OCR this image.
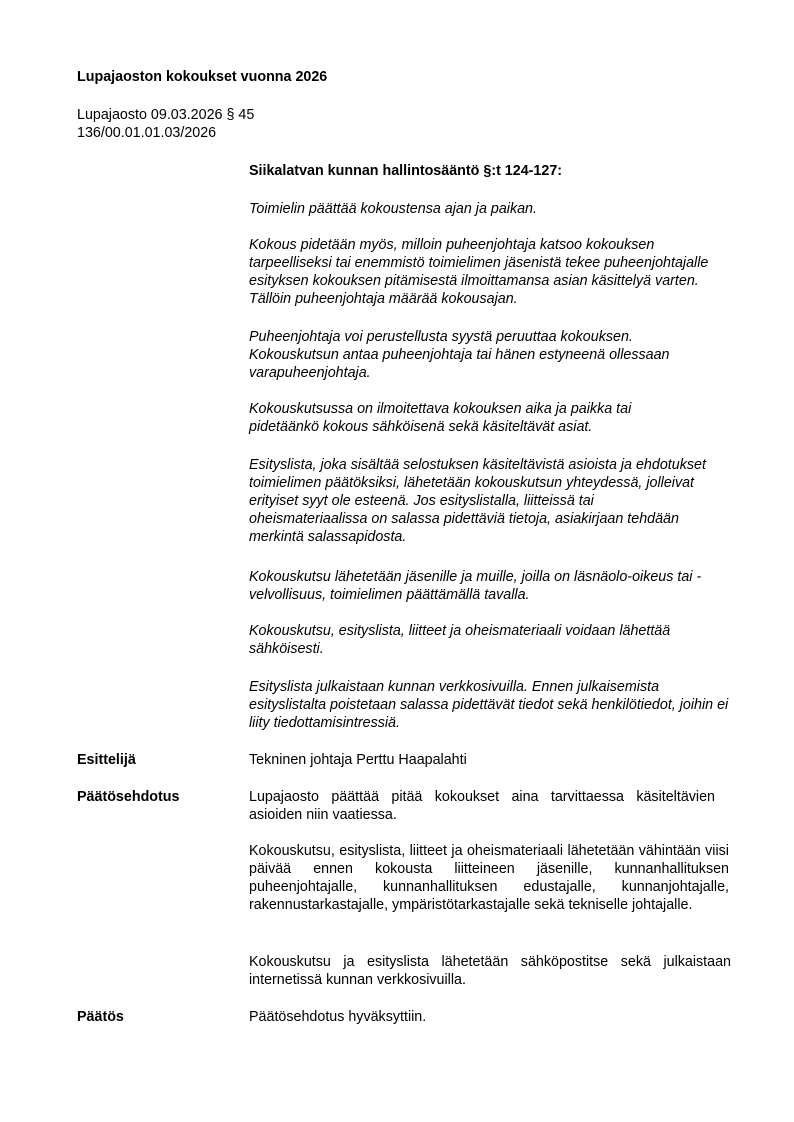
Lupajaoston kokoukset vuonna 2026

Lupajaosto 09.03.2026 § 45

136/00.01.01.03/2026

Siikalatvan kunnan hallintosääntö §:t 124-127:

Toimielin päättää kokoustensa ajan ja paikan.

Kokous pidetään myös, milloin puheenjohtaja katsoo kokouksen tarpeelliseksi tai enemmistö toimielimen jäsenistä tekee puheenjohtajalle esityksen kokouksen pitämisestä ilmoittamansa asian käsittelyä varten. Tällöin puheenjohtaja määrää kokousajan.

Puheenjohtaja voi perustellusta syystä peruuttaa kokouksen. Kokouskutsun antaa puheenjohtaja tai hänen estyneenä ollessaan varapuheenjohtaja.

Kokouskutsussa on ilmoitettava kokouksen aika ja paikka tai pidetäänkö kokous sähköisenä sekä käsiteltävät asiat.

Esityslista, joka sisältää selostuksen käsiteltävistä asioista ja ehdotukset toimielimen päätöksiksi, lähetetään kokouskutsun yhteydessä, jolleivat erityiset syyt ole esteenä. Jos esityslistalla, liitteissä tai oheismateriaalissa on salassa pidettäviä tietoja, asiakirjaan tehdään merkintä salassapidosta.

Kokouskutsu lähetetään jäsenille ja muille, joilla on läsnäolo-oikeus tai - velvollisuus, toimielimen päättämällä tavalla.

Kokouskutsu, esityslista, liitteet ja oheismateriaali voidaan lähettää sähköisesti.

Esityslista julkaistaan kunnan verkkosivuilla. Ennen julkaisemista esityslistalta poistetaan salassa pidettävät tiedot sekä henkilötiedot, joihin ei liity tiedottamisintressiä.

Esittelijä	Tekninen johtaja Perttu Haapalahti

Päätösehdotus	Lupajaosto päättää pitää kokoukset aina tarvittaessa käsiteltävien asioiden niin vaatiessa.

Kokouskutsu, esityslista, liitteet ja oheismateriaali lähetetään vähintään viisi päivää ennen kokousta liitteineen jäsenille, kunnanhallituksen puheenjohtajalle, kunnanhallituksen edustajalle, kunnanjohtajalle, rakennustarkastajalle, ympäristötarkastajalle sekä tekniselle johtajalle.

Kokouskutsu ja esityslista lähetetään sähköpostitse sekä julkaistaan internetissä kunnan verkkosivuilla.

Päätös	Päätösehdotus hyväksyttiin.
